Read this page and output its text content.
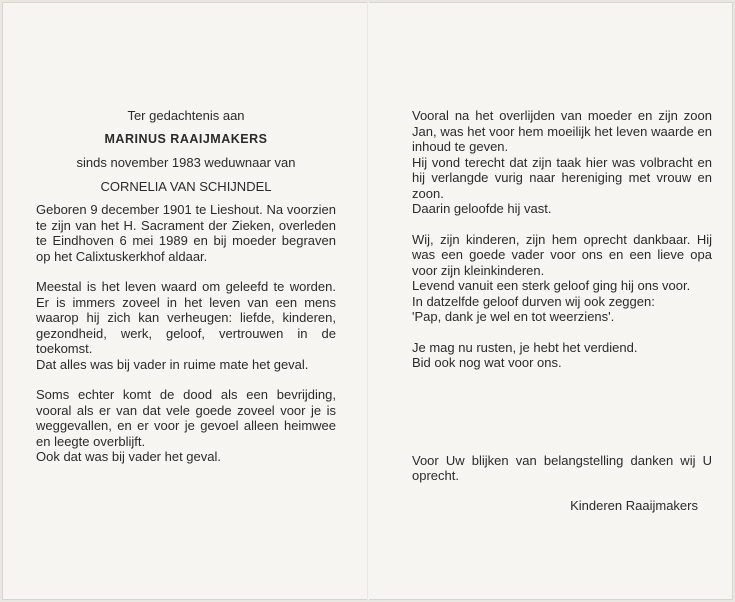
Ter gedachtenis aan
MARINUS RAAIJMAKERS
sinds november 1983 weduwnaar van
CORNELIA VAN SCHIJNDEL

Geboren 9 december 1901 te Lieshout. Na voorzien te zijn van het H. Sacrament der Zieken, overleden te Eindhoven 6 mei 1989 en bij moeder begraven op het Calixtuskerkhof aldaar.

Meestal is het leven waard om geleefd te worden. Er is immers zoveel in het leven van een mens waarop hij zich kan verheugen: liefde, kinderen, gezondheid, werk, geloof, vertrouwen in de toekomst.

Dat alles was bij vader in ruime mate het geval.

Soms echter komt de dood als een bevrijding, vooral als er van dat vele goede zoveel voor je is weggevallen, en er voor je gevoel alleen heimwee en leegte overblijft.

Ook dat was bij vader het geval.

Vooral na het overlijden van moeder en zijn zoon Jan, was het voor hem moeilijk het leven waarde en inhoud te geven.

Hij vond terecht dat zijn taak hier was volbracht en hij verlangde vurig naar hereniging met vrouw en zoon.

Daarin geloofde hij vast.

Wij, zijn kinderen, zijn hem oprecht dankbaar. Hij was een goede vader voor ons en een lieve opa voor zijn kleinkinderen.

Levend vanuit een sterk geloof ging hij ons voor.

In datzelfde geloof durven wij ook zeggen:

'Pap, dank je wel en tot weerziens'.

Je mag nu rusten, je hebt het verdiend.

Bid ook nog wat voor ons.

Voor Uw blijken van belangstelling danken wij U oprecht.

Kinderen Raaijmakers
